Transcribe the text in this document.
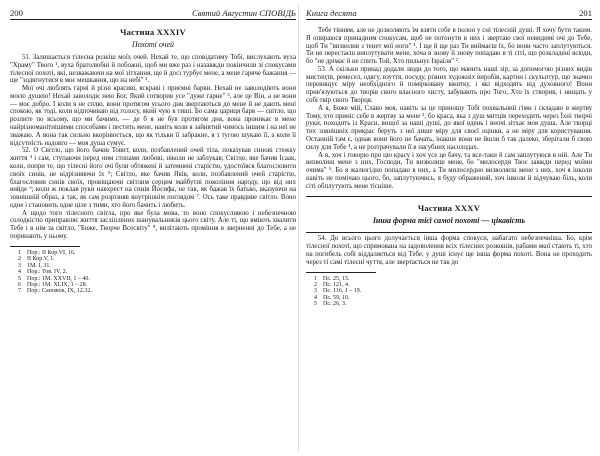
200	Святий Августин СПОВІДЬ
Частина XXXIV
Похоті очей

51. Залишається тілесна розкіш моїх очей. Нехай те, що сповідатиму Тобі, вислухають вуха "Храму" Твого ¹, вуха братолюбні й побожні, щоб ми вже раз і назавжди покінчили зі спокусами тілесної похоті, які, незважаючи на мої зітхання, ще й досі турбує мене, а мене гаряче бажання — ще "зодягнутися в моє мешкання, що на небі" ².

Мої очі люблять гарні й різні красиві, яскраві і приємні барви. Нехай не заволодіють вони моєю душею! Нехай заволодіє нею Бог, Який сотворив усе "дуже гарне" ³, але це Він, а не вони — моє добро. І коли я не сплю, вони протягом усього дня звертаються до мене й не дають мені спокою, як тоді, коли відпочиваю від голосу, який чую в тиші. Бо сама цариця барв — світло, що розлите по всьому, що ми бачимо, — де б я не був протягом дня, вона проникає в мене найрізноманітнішими способами і пестить мене, навіть коли я зайнятий чимось іншим і на неї не зважаю. А вона так сильно вкорінюється, що як тільки її забракне, я з тугою шукаю її, а коли її відсутність надовго — моя душа сумує.

52. О Світло, що його бачив Товит, коли, позбавлений очей тіла, показував синові стежку життя ⁴ і сам, ступаючи перед ним стопами любові, ніколи не заблукав; Світло, яке бачив Ісаак, коли, попри те, що тілесні його очі були обтяжені й затемнені старістю, удостоївся благословити своїх синів, не відрізняючи їх ⁵; Світло, яке бачив Яків, коли, позбавлений очей старістю, благословив синів своїх, провіщаючи світлим серцем майбутні покоління народу, що від них вийде ⁶; коли ж поклав руки навхрест на синів Йосифа, не так, як бажав їх батько, вказуючи на зовнішній образ, а так, як сам розрізняв внутрішнім поглядом ⁷. Ось таке правдиве світло. Воно одне і становить одне ціле з тими, хто його бачить і любить.

А щодо того тілесного світла, про яке була мова, то воно спокусливою і небезпечною солодкістю приправляє життя засліплених шанувальників цього світу. Але ті, що вміють хвалити Тебе і в нім за світло, "Боже, Творче Всесвіту" ⁸, вилітають проміння в зверненні до Тебе, а не поринають у ньому.

1 Пор.: ІІ Кор.VI, 16.
2 ІІ Кор.V, 1.
3 1М. І, 31.
4 Пор.: Тов. IV, 2.
5 Пор.: 1М. XXVII, 1 – 40.
6 Пор.: 1М. XLIX, 1 – 28.
7 Пор.: Сапожок, IX, 12.32.
Книга десята	201

Тебе тінням, але не дозволяють їм взяти себе в полон у сні тілесній душі. Я хочу бути таким. Я опираюся принадним спокусам, щоб не потонути в них і звертаю свої невидимі очі до Тебе, щоб Ти "визволив з тенет мої ноги" ¹. І ще й ще раз Ти виймаєш їх, бо вони часто заплутуються. Ти не перестаєш виплутувати мене, хоча я знову й знову попадаю в ті сіті, що розкладені всюди, бо "не дрімає й не спить Той, Хто пильнує Ізраїля" ².

53. А скільки принад додали люди до того, що манить наші зір, за допомогою різних видів мистецтв, ремесел, одягу, взуття, посуду, різних художніх виробів, картин і скульптур, що значно перевищує міру необхідного й помірковану вжитку, і які відходять від духовного! Вони прив'язуються до творів свого власного хисту, забувають про Того, Хто їх створив, і нищать у собі твір свого Творця.

А я, Боже мій, Славо моя, навіть за це приношу Тобі похвальний гімн і складаю в жертву Тому, хто приніс себе в жертву за мене ³, бо краса, яка з душ митців переходить через Їхні творчі руки, походить із Краси, вищої за наші душі, до якої вдень і вночі зітхає моя душа. Але творці тих зовнішніх прикрас беруть з неї лише міру для своєї оцінки, а не міру для користування. Останній там є, однак вони його не бачать, інакше вони не йшли б так далеко, зберігали б свою силу для Тебе ⁴, а не розтрачували її в пагубних насолодах.

А я, хоч і говорю про цю красу і хоч усе це бачу, та все-таки й сам заплутуюся в ній. Але Ти визволиш мене з них, Господи, Ти визволиш мене, бо "милосердя Твоє завжди перед моїми очима" ⁵. Бо я жалюгідно попадаю в них, а Ти милосердно визволяєш мене з них, хоч я інколи навіть не помічаю цього, бо, заплутуючись, я буду ображений, хоч інколи й відчуваю біль, коли сіті обплутують мене тісніше.

Частина XXXV
Інша форма тієї самої похоті — цікавість

54. До всього цього долучається інша форма спокуси, набагато небезпечніша. Бо, крім тілесної похоті, що спрямована на задоволення всіх тілесних розкошів, рабами якої стають ті, хто на погибель собі віддаляється від Тебе, у душі існує ще інша форма похоті. Вона не проходить через ті самі тілесні чуття, але звертається не так до

1 Пс. 25, 15.
2 Пс. 121, 4.
3 Пс. 116, 1 – 19.
4 Пс. 59, 10.
5 Пс. 26, 3.
